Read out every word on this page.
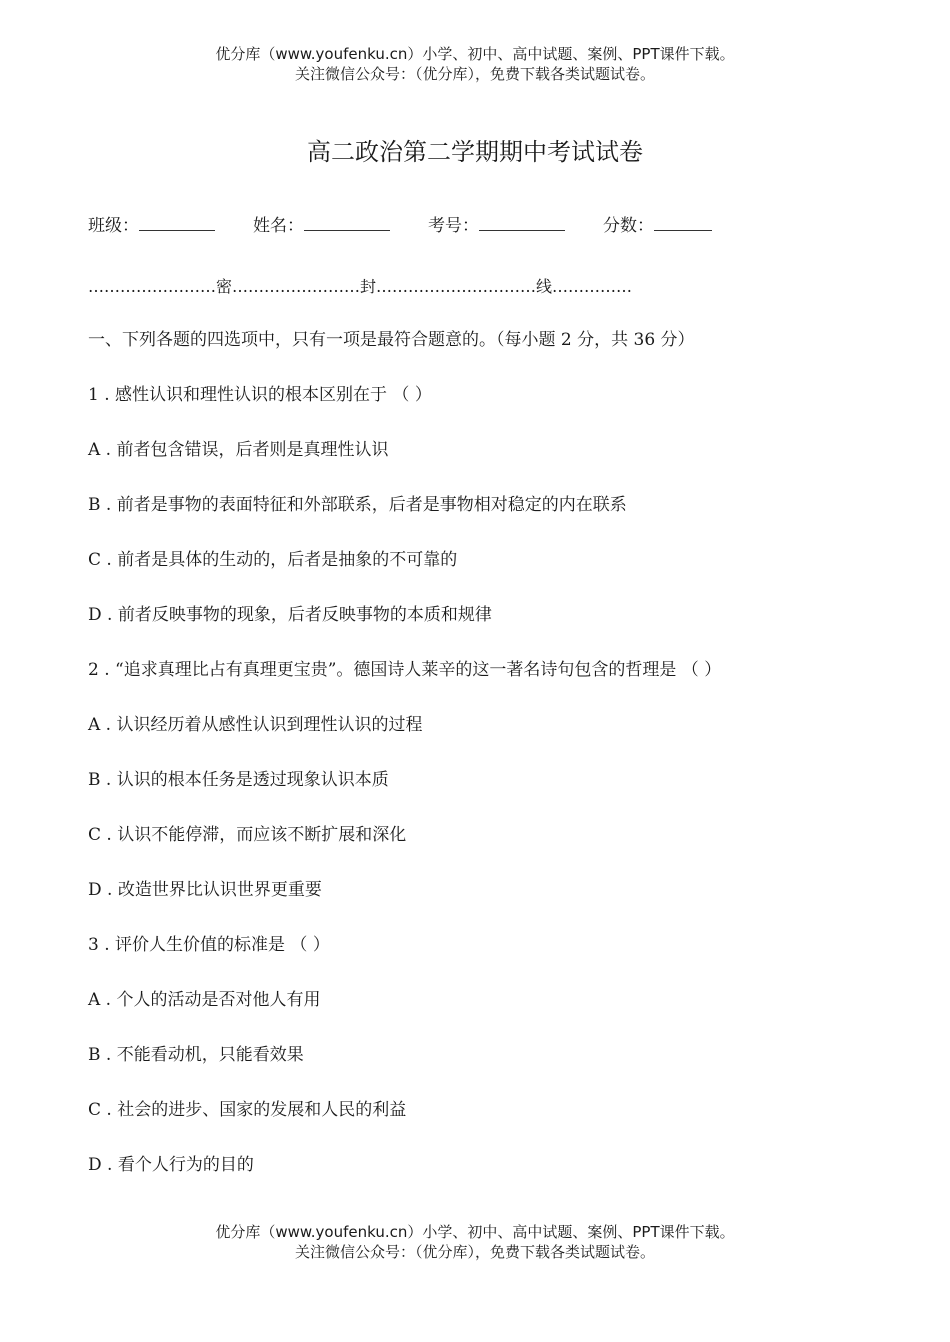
优分库（www.youfenku.cn）小学、初中、高中试题、案例、PPT课件下载。
关注微信公众号：（优分库），免费下载各类试题试卷。
高二政治第二学期期中考试试卷
班级：	姓名：	考号：	分数：
……………………密……………………封…………………………线……………
一、下列各题的四选项中，只有一项是最符合题意的。（每小题 2 分，共 36 分）
1 . 感性认识和理性认识的根本区别在于 （ ）
A . 前者包含错误，后者则是真理性认识
B . 前者是事物的表面特征和外部联系，后者是事物相对稳定的内在联系
C . 前者是具体的生动的，后者是抽象的不可靠的
D . 前者反映事物的现象，后者反映事物的本质和规律
2 . “追求真理比占有真理更宝贵”。德国诗人莱辛的这一著名诗句包含的哲理是 （ ）
A . 认识经历着从感性认识到理性认识的过程
B . 认识的根本任务是透过现象认识本质
C . 认识不能停滞，而应该不断扩展和深化
D . 改造世界比认识世界更重要
3 . 评价人生价值的标准是 （ ）
A . 个人的活动是否对他人有用
B . 不能看动机，只能看效果
C . 社会的进步、国家的发展和人民的利益
D . 看个人行为的目的
优分库（www.youfenku.cn）小学、初中、高中试题、案例、PPT课件下载。
关注微信公众号：（优分库），免费下载各类试题试卷。
